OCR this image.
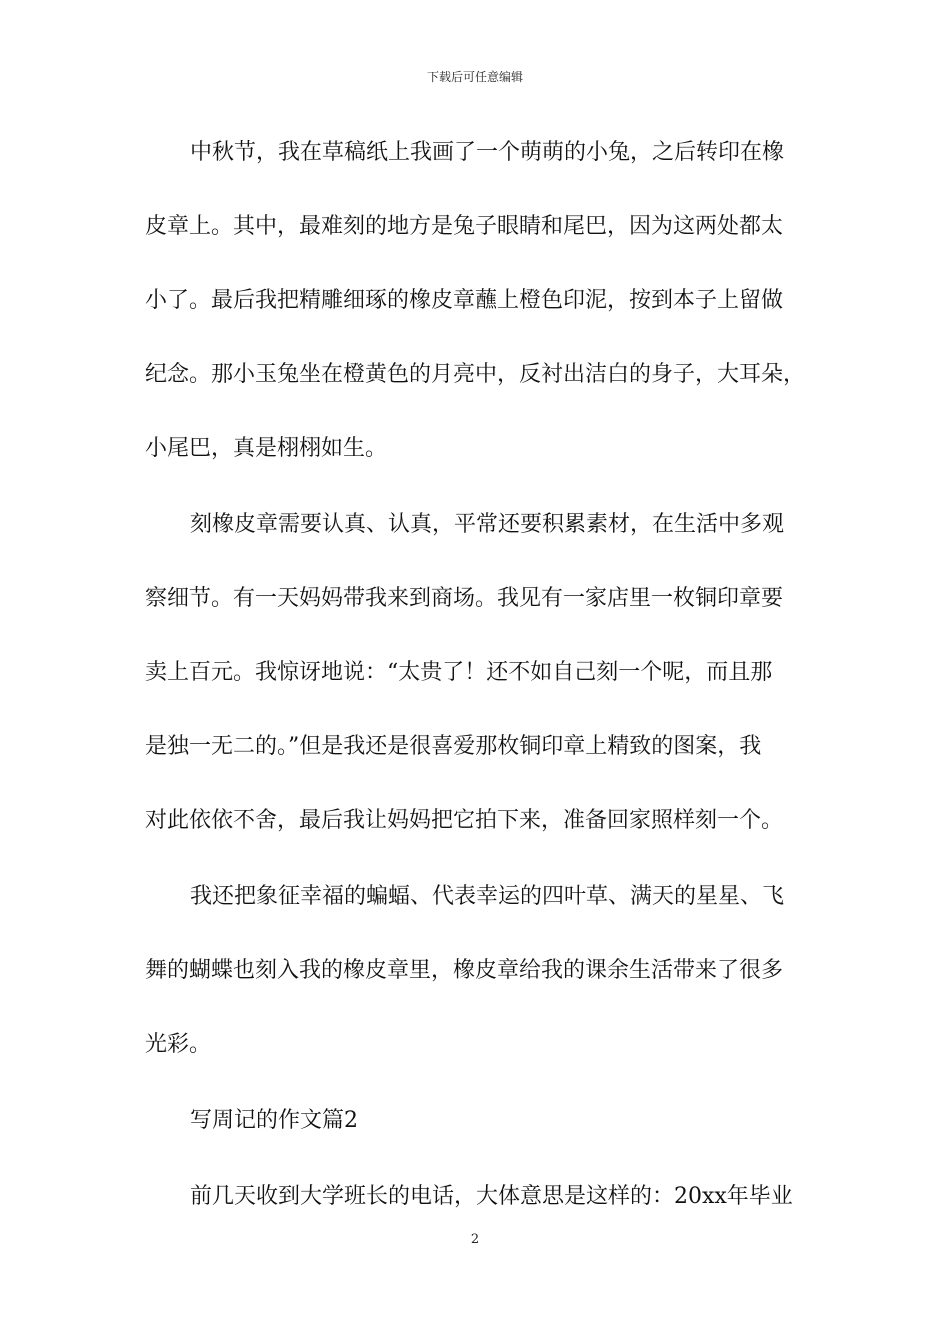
下载后可任意编辑
中秋节，我在草稿纸上我画了一个萌萌的小兔，之后转印在橡
皮章上。其中，最难刻的地方是兔子眼睛和尾巴，因为这两处都太
小了。最后我把精雕细琢的橡皮章蘸上橙色印泥，按到本子上留做
纪念。那小玉兔坐在橙黄色的月亮中，反衬出洁白的身子，大耳朵，
小尾巴，真是栩栩如生。
刻橡皮章需要认真、认真，平常还要积累素材，在生活中多观
察细节。有一天妈妈带我来到商场。我见有一家店里一枚铜印章要
卖上百元。我惊讶地说：“太贵了！还不如自己刻一个呢，而且那
是独一无二的。”但是我还是很喜爱那枚铜印章上精致的图案，我
对此依依不舍，最后我让妈妈把它拍下来，准备回家照样刻一个。
我还把象征幸福的蝙蝠、代表幸运的四叶草、满天的星星、飞
舞的蝴蝶也刻入我的橡皮章里，橡皮章给我的课余生活带来了很多
光彩。
写周记的作文篇2
前几天收到大学班长的电话，大体意思是这样的：20xx年毕业
2
